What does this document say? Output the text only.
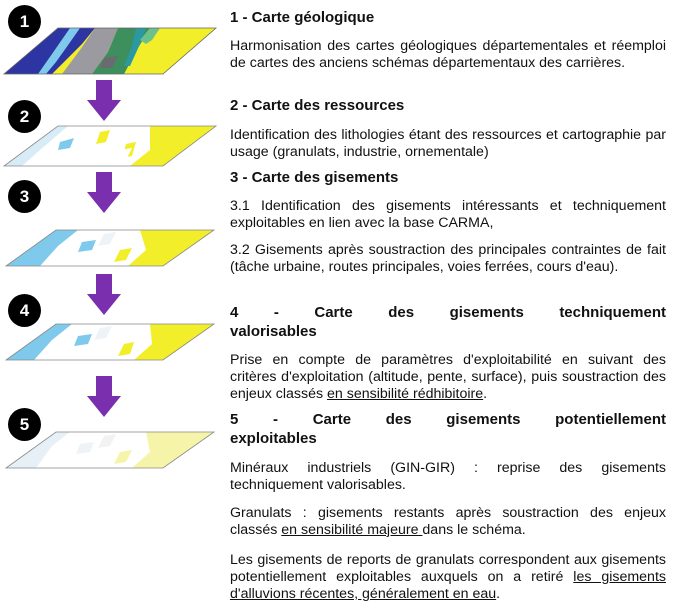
1
2
3
4
5
1 - Carte géologique
Harmonisation des cartes géologiques départementales et réemploi de cartes des anciens schémas départementaux des carrières.
2 - Carte des ressources
Identification des lithologies étant des ressources et cartographie par usage (granulats, industrie, ornementale)
3 - Carte des gisements
3.1 Identification des gisements intéressants et techniquement exploitables en lien avec la base CARMA,
3.2 Gisements après soustraction des principales contraintes de fait (tâche urbaine, routes principales, voies ferrées, cours d'eau).
4 - Carte des gisements techniquement
valorisables
Prise en compte de paramètres d'exploitabilité en suivant des critères d'exploitation (altitude, pente, surface), puis soustraction des enjeux classés en sensibilité rédhibitoire.
5 - Carte des gisements potentiellement
exploitables
Minéraux industriels (GIN-GIR) : reprise des gisements techniquement valorisables.
Granulats : gisements restants après soustraction des enjeux classés en sensibilité majeure dans le schéma.
Les gisements de reports de granulats correspondent aux gisements potentiellement exploitables auxquels on a retiré les gisements d'alluvions récentes, généralement en eau.
